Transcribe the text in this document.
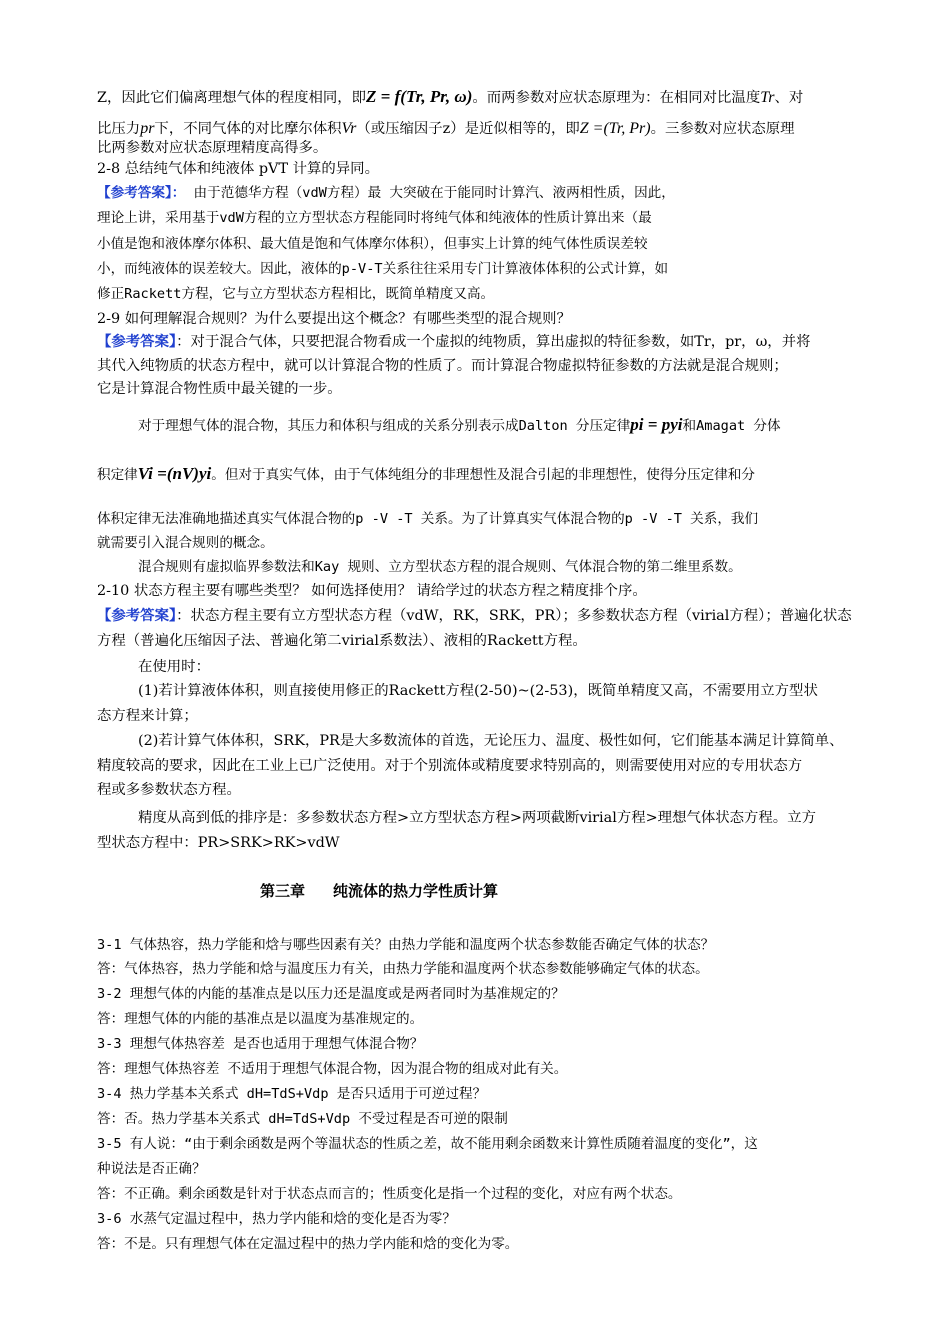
Z，因此它们偏离理想气体的程度相同，即Z = f(Tr, Pr, ω)。而两参数对应状态原理为：在相同对比温度Tr、对
比压力pr下，不同气体的对比摩尔体积Vr（或压缩因子z）是近似相等的，即Z =(Tr, Pr)。三参数对应状态原理
比两参数对应状态原理精度高得多。
2-8 总结纯气体和纯液体 pVT 计算的异同。
【参考答案】： 由于范德华方程（vdW方程）最 大突破在于能同时计算汽、液两相性质，因此，
理论上讲，采用基于vdW方程的立方型状态方程能同时将纯气体和纯液体的性质计算出来（最
小值是饱和液体摩尔体积、最大值是饱和气体摩尔体积），但事实上计算的纯气体性质误差较
小，而纯液体的误差较大。因此，液体的p-V-T关系往往采用专门计算液体体积的公式计算，如
修正Rackett方程，它与立方型状态方程相比，既简单精度又高。
2-9 如何理解混合规则？为什么要提出这个概念？有哪些类型的混合规则？
【参考答案】：对于混合气体，只要把混合物看成一个虚拟的纯物质，算出虚拟的特征参数，如Tr，pr，ω，并将
其代入纯物质的状态方程中，就可以计算混合物的性质了。而计算混合物虚拟特征参数的方法就是混合规则；
它是计算混合物性质中最关键的一步。
对于理想气体的混合物，其压力和体积与组成的关系分别表示成Dalton 分压定律pi = pyi和Amagat 分体
积定律Vi =(nV)yi。但对于真实气体，由于气体纯组分的非理想性及混合引起的非理想性，使得分压定律和分
体积定律无法准确地描述真实气体混合物的p -V -T 关系。为了计算真实气体混合物的p -V -T 关系，我们
就需要引入混合规则的概念。
混合规则有虚拟临界参数法和Kay 规则、立方型状态方程的混合规则、气体混合物的第二维里系数。
2-10 状态方程主要有哪些类型？ 如何选择使用？ 请给学过的状态方程之精度排个序。
【参考答案】：状态方程主要有立方型状态方程（vdW，RK，SRK，PR）；多参数状态方程（virial方程）；普遍化状态
方程（普遍化压缩因子法、普遍化第二virial系数法）、液相的Rackett方程。
在使用时：
(1)若计算液体体积，则直接使用修正的Rackett方程(2-50)~(2-53)，既简单精度又高，不需要用立方型状
态方程来计算；
(2)若计算气体体积，SRK，PR是大多数流体的首选，无论压力、温度、极性如何，它们能基本满足计算简单、
精度较高的要求，因此在工业上已广泛使用。对于个别流体或精度要求特别高的，则需要使用对应的专用状态方
程或多参数状态方程。
精度从高到低的排序是：多参数状态方程>立方型状态方程>两项截断virial方程>理想气体状态方程。立方
型状态方程中：PR>SRK>RK>vdW
第三章 纯流体的热力学性质计算
3-1 气体热容，热力学能和焓与哪些因素有关？由热力学能和温度两个状态参数能否确定气体的状态？
答：气体热容，热力学能和焓与温度压力有关，由热力学能和温度两个状态参数能够确定气体的状态。
3-2 理想气体的内能的基准点是以压力还是温度或是两者同时为基准规定的？
答：理想气体的内能的基准点是以温度为基准规定的。
3-3 理想气体热容差 是否也适用于理想气体混合物？
答：理想气体热容差 不适用于理想气体混合物，因为混合物的组成对此有关。
3-4 热力学基本关系式 dH=TdS+Vdp 是否只适用于可逆过程？
答：否。热力学基本关系式 dH=TdS+Vdp 不受过程是否可逆的限制
3-5 有人说：“由于剩余函数是两个等温状态的性质之差，故不能用剩余函数来计算性质随着温度的变化”，这
种说法是否正确？
答：不正确。剩余函数是针对于状态点而言的；性质变化是指一个过程的变化，对应有两个状态。
3-6 水蒸气定温过程中，热力学内能和焓的变化是否为零？
答：不是。只有理想气体在定温过程中的热力学内能和焓的变化为零。
